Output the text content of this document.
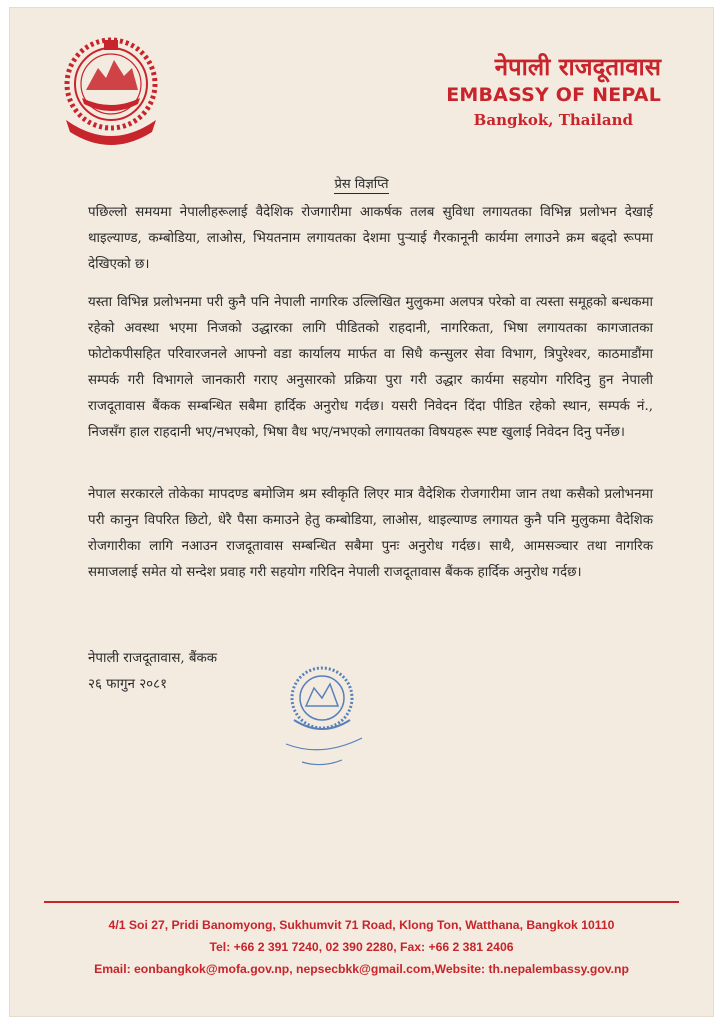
नेपाली राजदूतावास
EMBASSY OF NEPAL
Bangkok, Thailand
प्रेस विज्ञप्ति
पछिल्लो समयमा नेपालीहरूलाई वैदेशिक रोजगारीमा आकर्षक तलब सुविधा लगायतका विभिन्न प्रलोभन देखाई थाइल्याण्ड, कम्बोडिया, लाओस, भियतनाम लगायतका देशमा पुऱ्याई गैरकानूनी कार्यमा लगाउने क्रम बढ्दो रूपमा देखिएको छ।
यस्ता विभिन्न प्रलोभनमा परी कुनै पनि नेपाली नागरिक उल्लिखित मुलुकमा अलपत्र परेको वा त्यस्ता समूहको बन्धकमा रहेको अवस्था भएमा निजको उद्धारका लागि पीडितको राहदानी, नागरिकता, भिषा लगायतका कागजातका फोटोकपीसहित परिवारजनले आफ्नो वडा कार्यालय मार्फत वा सिधै कन्सुलर सेवा विभाग, त्रिपुरेश्वर, काठमाडौंमा सम्पर्क गरी विभागले जानकारी गराए अनुसारको प्रक्रिया पुरा गरी उद्धार कार्यमा सहयोग गरिदिनु हुन नेपाली राजदूतावास बैंकक सम्बन्धित सबैमा हार्दिक अनुरोध गर्दछ। यसरी निवेदन दिंदा पीडित रहेको स्थान, सम्पर्क नं., निजसँग हाल राहदानी भए/नभएको, भिषा वैध भए/नभएको लगायतका विषयहरू स्पष्ट खुलाई निवेदन दिनु पर्नेछ।
नेपाल सरकारले तोकेका मापदण्ड बमोजिम श्रम स्वीकृति लिएर मात्र वैदेशिक रोजगारीमा जान तथा कसैको प्रलोभनमा परी कानुन विपरित छिटो, धेरै पैसा कमाउने हेतु कम्बोडिया, लाओस, थाइल्याण्ड लगायत कुनै पनि मुलुकमा वैदेशिक रोजगारीका लागि नआउन राजदूतावास सम्बन्धित सबैमा पुनः अनुरोध गर्दछ। साथै, आमसञ्चार तथा नागरिक समाजलाई समेत यो सन्देश प्रवाह गरी सहयोग गरिदिन नेपाली राजदूतावास बैंकक हार्दिक अनुरोध गर्दछ।
नेपाली राजदूतावास, बैंकक
२६ फागुन २०८१
4/1 Soi 27, Pridi Banomyong, Sukhumvit 71 Road, Klong Ton, Watthana, Bangkok 10110
Tel: +66 2 391 7240, 02 390 2280, Fax: +66 2 381 2406
Email: eonbangkok@mofa.gov.np, nepsecbkk@gmail.com,Website: th.nepalembassy.gov.np
